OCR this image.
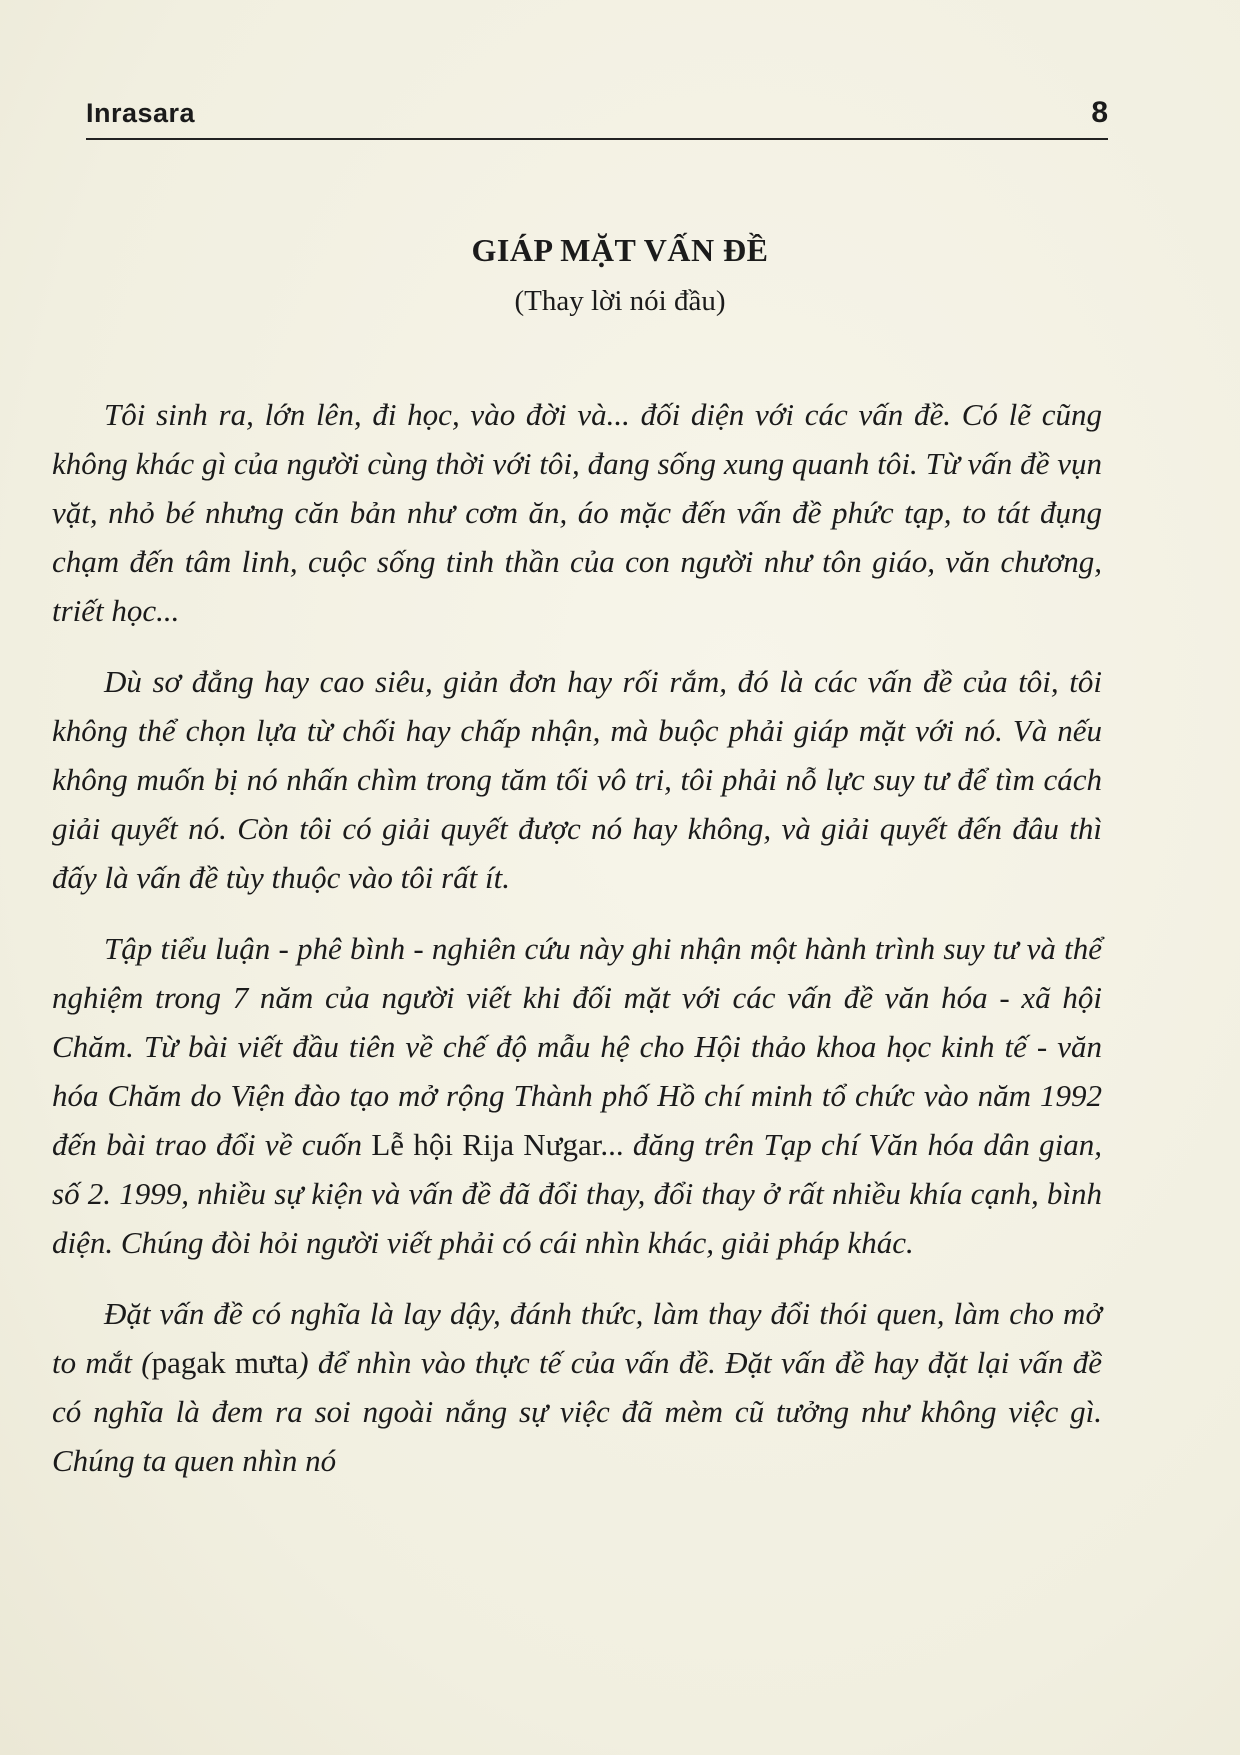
Inrasara	8
GIÁP MẶT VẤN ĐỀ
(Thay lời nói đầu)

Tôi sinh ra, lớn lên, đi học, vào đời và... đối diện với các vấn đề. Có lẽ cũng không khác gì của người cùng thời với tôi, đang sống xung quanh tôi. Từ vấn đề vụn vặt, nhỏ bé nhưng căn bản như cơm ăn, áo mặc đến vấn đề phức tạp, to tát đụng chạm đến tâm linh, cuộc sống tinh thần của con người như tôn giáo, văn chương, triết học...

Dù sơ đẳng hay cao siêu, giản đơn hay rối rắm, đó là các vấn đề của tôi, tôi không thể chọn lựa từ chối hay chấp nhận, mà buộc phải giáp mặt với nó. Và nếu không muốn bị nó nhấn chìm trong tăm tối vô tri, tôi phải nỗ lực suy tư để tìm cách giải quyết nó. Còn tôi có giải quyết được nó hay không, và giải quyết đến đâu thì đấy là vấn đề tùy thuộc vào tôi rất ít.

Tập tiểu luận - phê bình - nghiên cứu này ghi nhận một hành trình suy tư và thể nghiệm trong 7 năm của người viết khi đối mặt với các vấn đề văn hóa - xã hội Chăm. Từ bài viết đầu tiên về chế độ mẫu hệ cho Hội thảo khoa học kinh tế - văn hóa Chăm do Viện đào tạo mở rộng Thành phố Hồ chí minh tổ chức vào năm 1992 đến bài trao đổi về cuốn Lễ hội Rija Nưgar... đăng trên Tạp chí Văn hóa dân gian, số 2. 1999, nhiều sự kiện và vấn đề đã đổi thay, đổi thay ở rất nhiều khía cạnh, bình diện. Chúng đòi hỏi người viết phải có cái nhìn khác, giải pháp khác.

Đặt vấn đề có nghĩa là lay dậy, đánh thức, làm thay đổi thói quen, làm cho mở to mắt (pagak mưta) để nhìn vào thực tế của vấn đề. Đặt vấn đề hay đặt lại vấn đề có nghĩa là đem ra soi ngoài nắng sự việc đã mèm cũ tưởng như không việc gì. Chúng ta quen nhìn nó
